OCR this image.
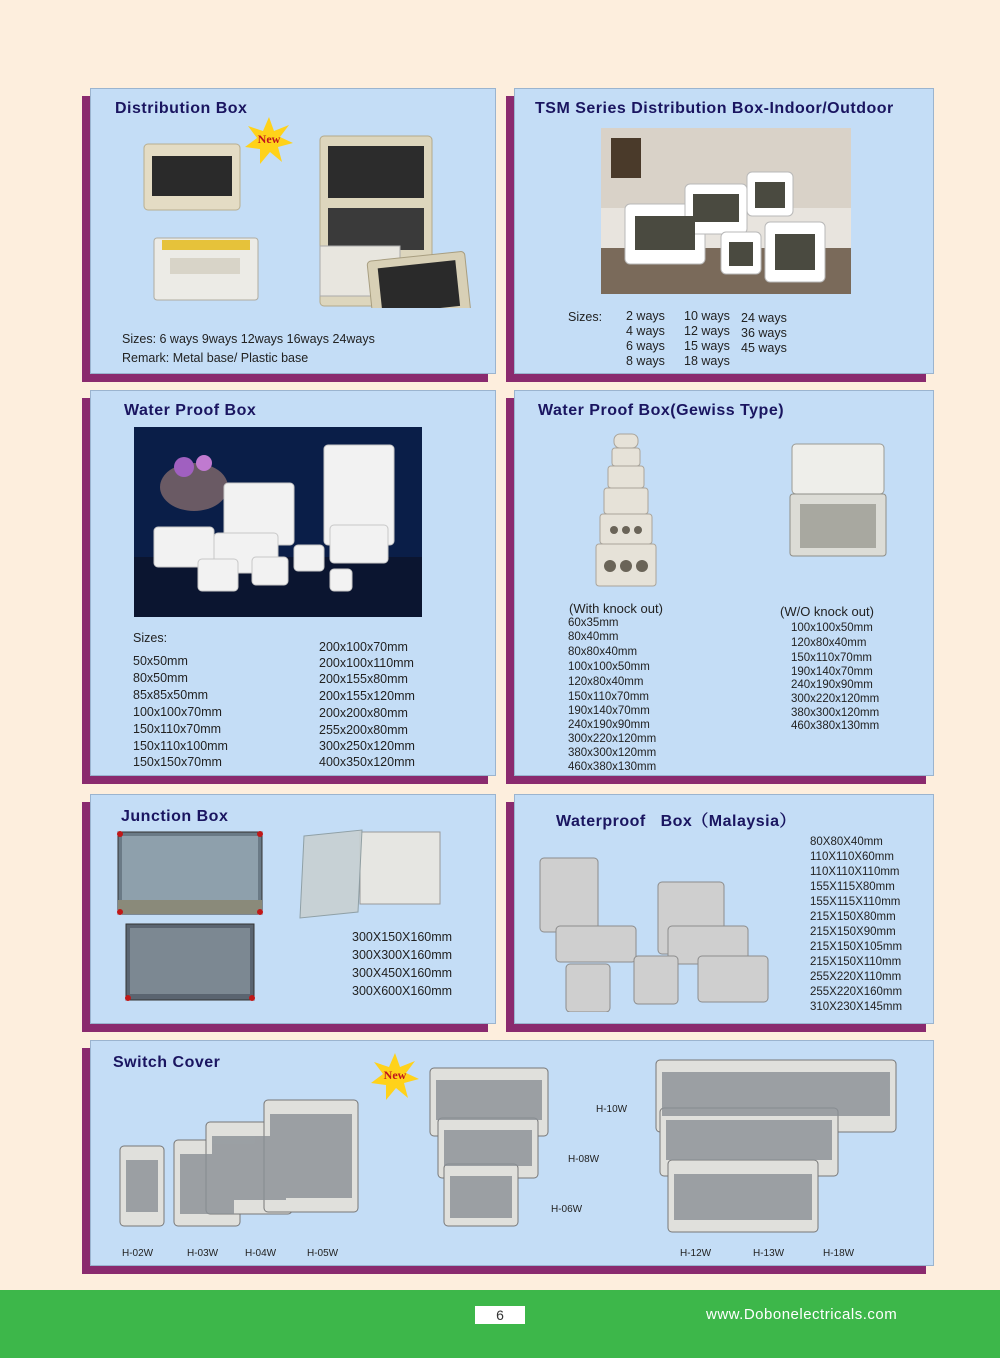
Distribution Box
New
Sizes: 6 ways 9ways 12ways 16ways 24ways
Remark: Metal base/ Plastic base
TSM Series Distribution Box-Indoor/Outdoor
Sizes: 2 ways
4 ways
6 ways
8 ways
10 ways
12 ways
15 ways
18 ways
24 ways
36 ways
45 ways
Water Proof Box
Sizes:
50x50mm
80x50mm
85x85x50mm
100x100x70mm
150x110x70mm
150x110x100mm
150x150x70mm
200x100x70mm
200x100x110mm
200x155x80mm
200x155x120mm
200x200x80mm
255x200x80mm
300x250x120mm
400x350x120mm
Water Proof Box(Gewiss Type)
(With knock out)
60x35mm
80x40mm
80x80x40mm
100x100x50mm
120x80x40mm
150x110x70mm
190x140x70mm
240x190x90mm
300x220x120mm
380x300x120mm
460x380x130mm
(W/O knock out)
100x100x50mm
120x80x40mm
150x110x70mm
190x140x70mm
240x190x90mm
300x220x120mm
380x300x120mm
460x380x130mm
Junction Box
300X150X160mm
300X300X160mm
300X450X160mm
300X600X160mm
Waterproof   Box（Malaysia）
80X80X40mm
110X110X60mm
110X110X110mm
155X115X80mm
155X115X110mm
215X150X80mm
215X150X90mm
215X150X105mm
215X150X110mm
255X220X110mm
255X220X160mm
310X230X145mm
Switch Cover
New
H-02W	H-03W	H-04W	H-05W
H-10W
H-08W
H-06W
H-12W	H-13W	H-18W
6	www.Dobonelectricals.com
